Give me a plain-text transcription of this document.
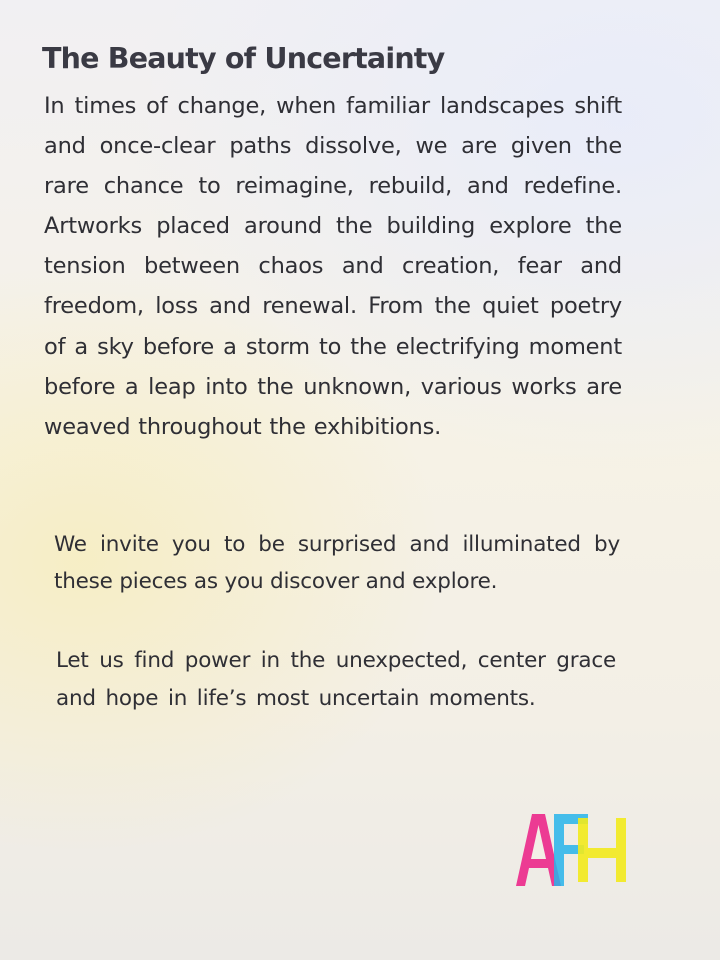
The Beauty of Uncertainty

In times of change, when familiar landscapes shift and once-clear paths dissolve, we are given the rare chance to reimagine, rebuild, and redefine. Artworks placed around the building explore the tension between chaos and creation, fear and freedom, loss and renewal. From the quiet poetry of a sky before a storm to the electrifying moment before a leap into the unknown, various works are weaved throughout the exhibitions.

We invite you to be surprised and illuminated by these pieces as you discover and explore.

Let us find power in the unexpected, center grace and hope in life’s most uncertain moments.
